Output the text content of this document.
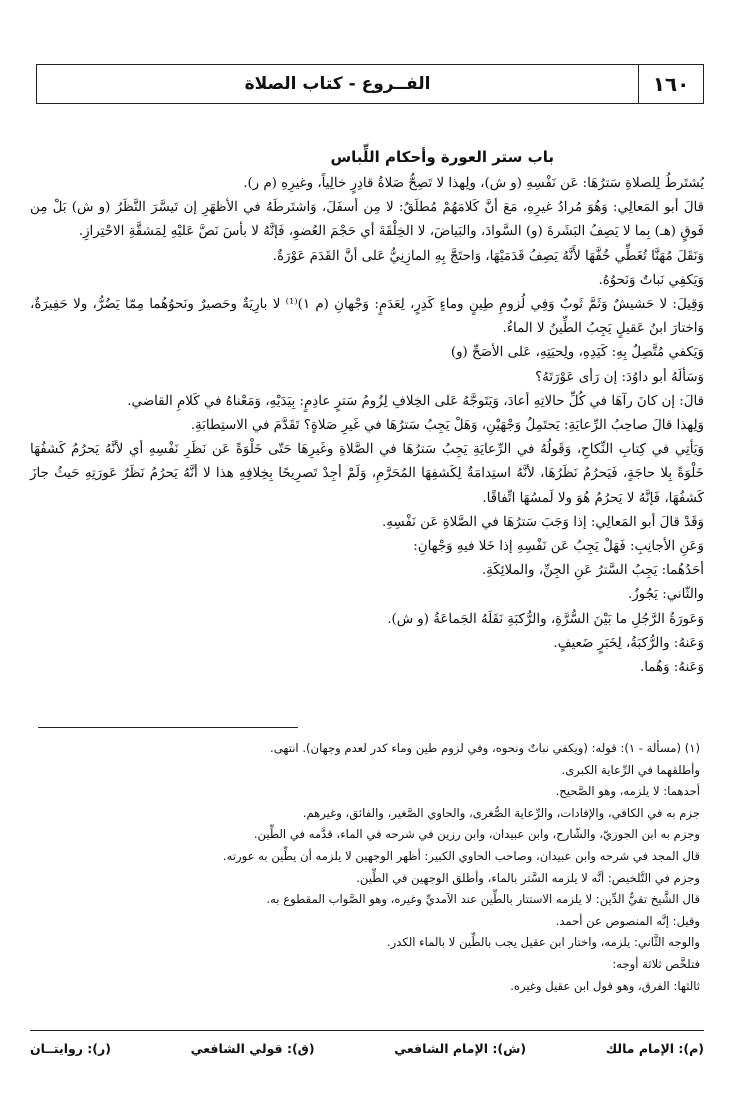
١٦٠
الفــروع - كتاب الصلاة
باب ستر العورة وأحكام اللِّباس

يُشتَرطُ لِلصلاةِ سَترُهَا: عَن نَفْسِهِ (و ش)، ولِهذا لا تَصِحُّ صَلاةُ قادِرٍ خالِياً، وغيرِهِ (م ر).

قالَ أبو المَعالِي: وَهُوَ مُرادُ غيرِهِ، مَعَ أنَّ كَلامَهُمْ مُطلَقٌ: لا مِن أسفَلَ، وَاشتَرطَهُ في الأظهَرِ إن تَيسَّرَ النَّظَرُ (و ش) بَلْ مِن فَوقٍ (هـ) بِما لا يَصِفُ البَشَرةَ (و) السَّوادَ، والبَياضَ، لا الخِلْقَةَ أي حَجْمَ العُضوِ، فَإنَّهُ لا بأسَ نَصَّ عَليْهِ لِمَشقَّةِ الاحْتِرازِ.

وَنَقَلَ مُهَنَّا تُغَطِّي خُفَّهَا لأَنَّهُ يَصِفُ قَدَمَيْهَا، وَاحتَجَّ بِهِ المازِنِيُّ عَلى أنَّ القَدَمَ عَوْرَةٌ.

وَيَكفِي نَباتٌ وَنَحوُهُ.

وَقِيلَ: لا حَشيشٌ وَثَمَّ ثَوبٌ وَفِي لُزومِ طِينٍ وماءٍ كَدِرٍ، لِعَدَمٍ: وَجْهانِ (م ١)⁽¹⁾ لا بارِيَةٌ وحَصيرٌ ونَحوُهُما مِمّا يَضُرُّ، ولا حَفِيرَةٌ، وَاختارَ ابنُ عَقيلٍ يَجِبُ الطِّينُ لا الماءُ.

وَيَكفي مُتَّصِلٌ بِهِ: كَيَدِهِ، ولِحيَتِهِ، عَلى الأصَحِّ (و)

وَسَألَهُ أبو داوُدَ: إن رَأى عَوْرَتَهُ؟

قالَ: إن كانَ رآهَا في كُلِّ حالاتِهِ أعادَ، وَيَتَوجَّهُ عَلى الخِلافِ لِزُومُ سَترٍ عادِمٍ: بِيَدَيْهِ، وَمَعْناهُ في كَلامِ القاضي.

وَلِهذا قالَ صاحِبُ الرِّعايَةِ: يَحتَمِلُ وَجْهَيْنِ، وَهَلْ يَجِبُ سَترُهَا في غَيرِ صَلاةٍ؟ تَقَدَّمَ في الاستِطابَةِ.

وَيَأتِي في كِتابِ النِّكاحِ، وَقَولُهُ في الرِّعايَةِ يَجِبُ سَترُهَا في الصَّلاةِ وغَيرِهَا حَتّى خَلْوَةً عَن نَظَرِ نَفْسِهِ أي لأنَّهُ يَحرُمُ كَشفُهَا خَلْوَةً بِلا حاجَةٍ، فَيَحرُمُ نَظَرُهَا، لأنَّهُ استِدامَةٌ لِكَشفِهَا المُحَرَّمِ، وَلَمْ أجِدْ تَصرِيحًا بِخِلافِهِ هذا لا أنَّهُ يَحرُمُ نَظَرُ عَورَتِهِ حَيثُ جازَ كَشفُهَا، فَإنَّهُ لا يَحرُمُ هُوَ ولا لَمسُهَا اتِّفاقًا.

وَقَدْ قالَ أبو المَعالِي: إذا وَجَبَ سَترُهَا في الصَّلاةِ عَن نَفْسِهِ.

وَعَنِ الأجانِبِ: فَهَلْ يَجِبُ عَن نَفْسِهِ إذا خَلا فيهِ وَجْهانِ:

أحَدُهُما: يَجِبُ السَّترُ عَنِ الجِنِّ، والملائِكَةِ.

والثّاني: يَجُوزُ.

وَعَورَةُ الرَّجُلِ ما بَيْنَ السُّرَّةِ، والرُّكبَةِ نَقَلَهُ الجَماعَةُ (و ش).

وَعَنهُ: والرُّكبَةُ، لِخَبَرٍ ضَعيفٍ.

وَعَنهُ: وَهُما.

(١) (مسألة - ١): قوله: (ويكفي نباتٌ ونحوه، وفي لزوم طين وماء كدر لعدم وجهان). انتهى.

وأطلقهما في الرِّعاية الكبرى.

أحدهما: لا يلزمه، وهو الصَّحيح.

جزم به في الكافي، والإفادات، والرِّعاية الصُّغرى، والحاوي الصَّغير، والفائق، وغيرهم.

وجزم به ابن الجوزيّ، والشّارح، وابن عبيدان، وابن رزين في شرحه في الماء، قدَّمه في الطِّين.

قال المجد في شرحه وابن عبيدان، وصاحب الحاوي الكبير: أظهر الوجهين لا يلزمه أن يطِّين به عورته.

وجزم في التَّلخيص: أنَّه لا يلزمه السَّتر بالماء، وأطلق الوجهين في الطِّين.

قال الشَّيخ تقيُّ الدِّين: لا يلزمه الاستتار بالطِّين عند الآمديِّ وغيره، وهو الصَّواب المقطوع به.

وقيل: إنَّه المنصوص عن أحمد.

والوجه الثَّاني: يلزمه، واختار ابن عقيل يجب بالطِّين لا بالماء الكدر.

فتلخَّص ثلاثة أوجه:

ثالثها: الفرق، وهو قول ابن عقيل وغيره.

(م): الإمام مالك
(ش): الإمام الشافعي
(ق): قولي الشافعي
(ر): روايتــان
